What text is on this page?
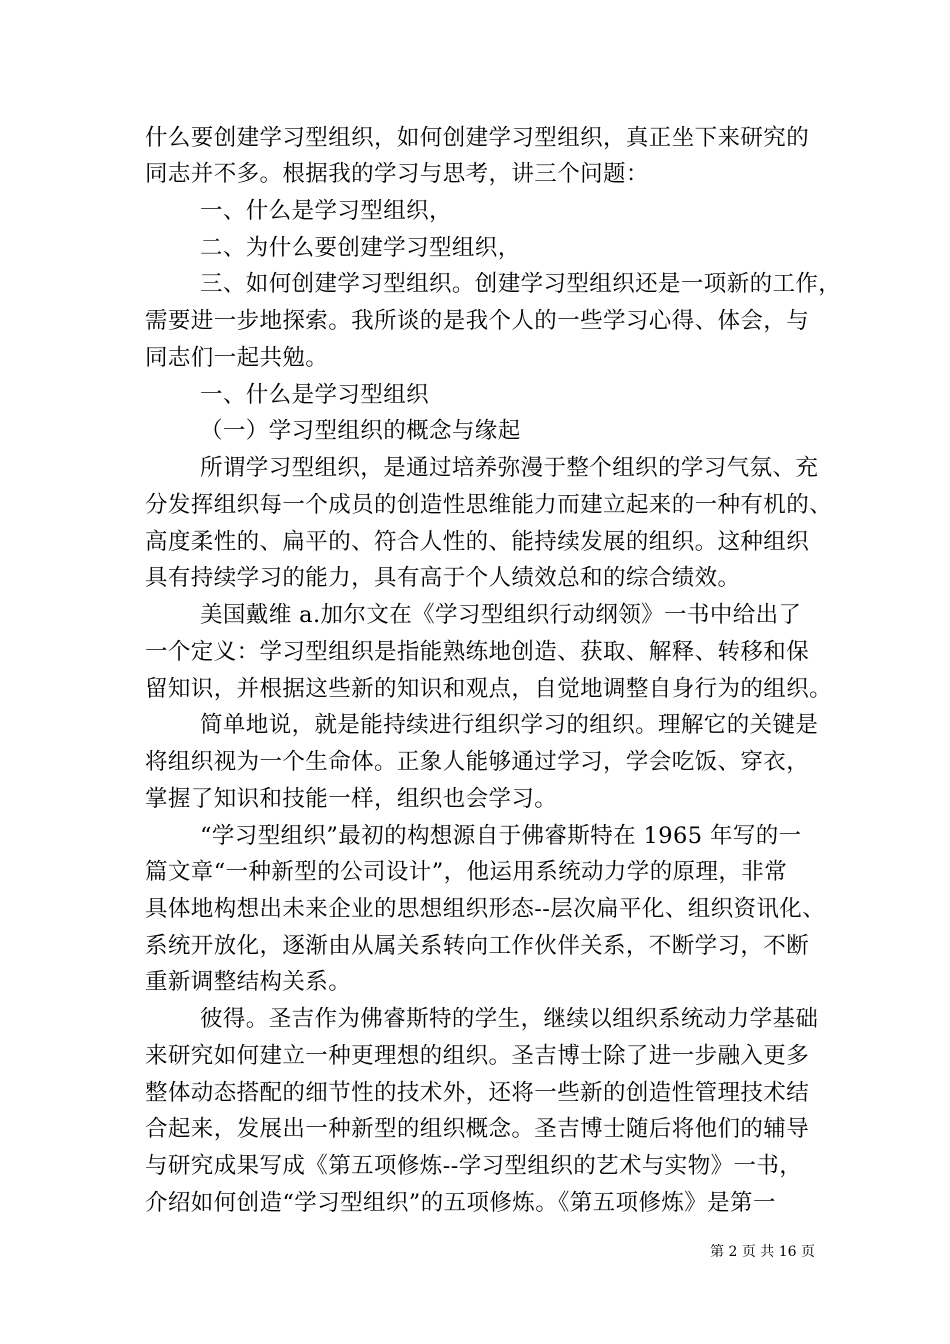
什么要创建学习型组织，如何创建学习型组织，真正坐下来研究的
同志并不多。根据我的学习与思考，讲三个问题：
一、什么是学习型组织，
二、为什么要创建学习型组织，
三、如何创建学习型组织。创建学习型组织还是一项新的工作，
需要进一步地探索。我所谈的是我个人的一些学习心得、体会，与
同志们一起共勉。
一、什么是学习型组织
（一）学习型组织的概念与缘起
所谓学习型组织，是通过培养弥漫于整个组织的学习气氛、充
分发挥组织每一个成员的创造性思维能力而建立起来的一种有机的、
高度柔性的、扁平的、符合人性的、能持续发展的组织。这种组织
具有持续学习的能力，具有高于个人绩效总和的综合绩效。
美国戴维 a.加尔文在《学习型组织行动纲领》一书中给出了
一个定义：学习型组织是指能熟练地创造、获取、解释、转移和保
留知识，并根据这些新的知识和观点，自觉地调整自身行为的组织。
简单地说，就是能持续进行组织学习的组织。理解它的关键是
将组织视为一个生命体。正象人能够通过学习，学会吃饭、穿衣，
掌握了知识和技能一样，组织也会学习。
“学习型组织”最初的构想源自于佛睿斯特在 1965 年写的一
篇文章“一种新型的公司设计”，他运用系统动力学的原理，非常
具体地构想出未来企业的思想组织形态--层次扁平化、组织资讯化、
系统开放化，逐渐由从属关系转向工作伙伴关系，不断学习，不断
重新调整结构关系。
彼得。圣吉作为佛睿斯特的学生，继续以组织系统动力学基础
来研究如何建立一种更理想的组织。圣吉博士除了进一步融入更多
整体动态搭配的细节性的技术外，还将一些新的创造性管理技术结
合起来，发展出一种新型的组织概念。圣吉博士随后将他们的辅导
与研究成果写成《第五项修炼--学习型组织的艺术与实物》一书，
介绍如何创造“学习型组织”的五项修炼。《第五项修炼》是第一
第 2 页 共 16 页
